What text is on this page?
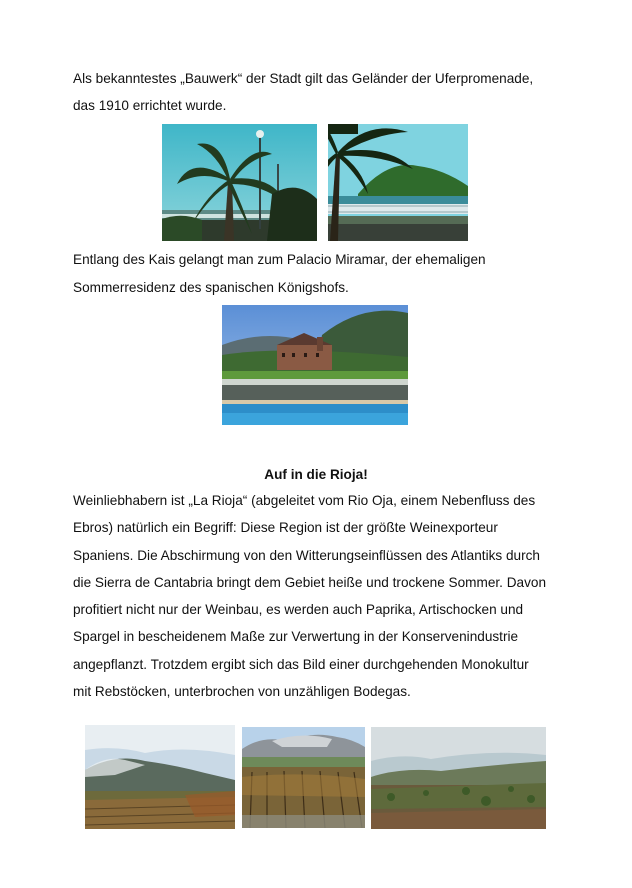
Als bekanntestes „Bauwerk“ der Stadt gilt das Geländer der Uferpromenade,
das 1910 errichtet wurde.
Entlang des Kais gelangt man zum Palacio Miramar, der ehemaligen
Sommerresidenz des spanischen Königshofs.
Auf in die Rioja!
Weinliebhabern ist „La Rioja“ (abgeleitet vom Rio Oja, einem Nebenfluss des
Ebros) natürlich ein Begriff: Diese Region ist der größte Weinexporteur
Spaniens. Die Abschirmung von den Witterungseinflüssen des Atlantiks durch
die Sierra de Cantabria bringt dem Gebiet heiße und trockene Sommer. Davon
profitiert nicht nur der Weinbau, es werden auch Paprika, Artischocken und
Spargel in bescheidenem Maße zur Verwertung in der Konservenindustrie
angepflanzt. Trotzdem ergibt sich das Bild einer durchgehenden Monokultur
mit Rebstöcken, unterbrochen von unzähligen Bodegas.
